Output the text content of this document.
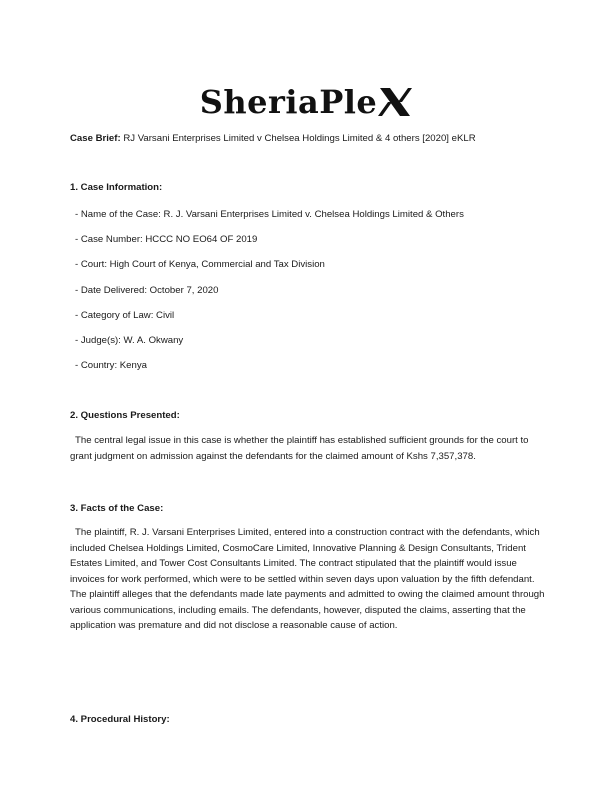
SheriaPle
Case Brief: RJ Varsani Enterprises Limited v Chelsea Holdings Limited & 4 others [2020] eKLR
1. Case Information:
- Name of the Case: R. J. Varsani Enterprises Limited v. Chelsea Holdings Limited & Others
- Case Number: HCCC NO EO64 OF 2019
- Court: High Court of Kenya, Commercial and Tax Division
- Date Delivered: October 7, 2020
- Category of Law: Civil
- Judge(s): W. A. Okwany
- Country: Kenya
2. Questions Presented:
The central legal issue in this case is whether the plaintiff has established sufficient grounds for the court to grant judgment on admission against the defendants for the claimed amount of Kshs 7,357,378.
3. Facts of the Case:
The plaintiff, R. J. Varsani Enterprises Limited, entered into a construction contract with the defendants, which included Chelsea Holdings Limited, CosmoCare Limited, Innovative Planning & Design Consultants, Trident Estates Limited, and Tower Cost Consultants Limited. The contract stipulated that the plaintiff would issue invoices for work performed, which were to be settled within seven days upon valuation by the fifth defendant. The plaintiff alleges that the defendants made late payments and admitted to owing the claimed amount through various communications, including emails. The defendants, however, disputed the claims, asserting that the application was premature and did not disclose a reasonable cause of action.
4. Procedural History:
